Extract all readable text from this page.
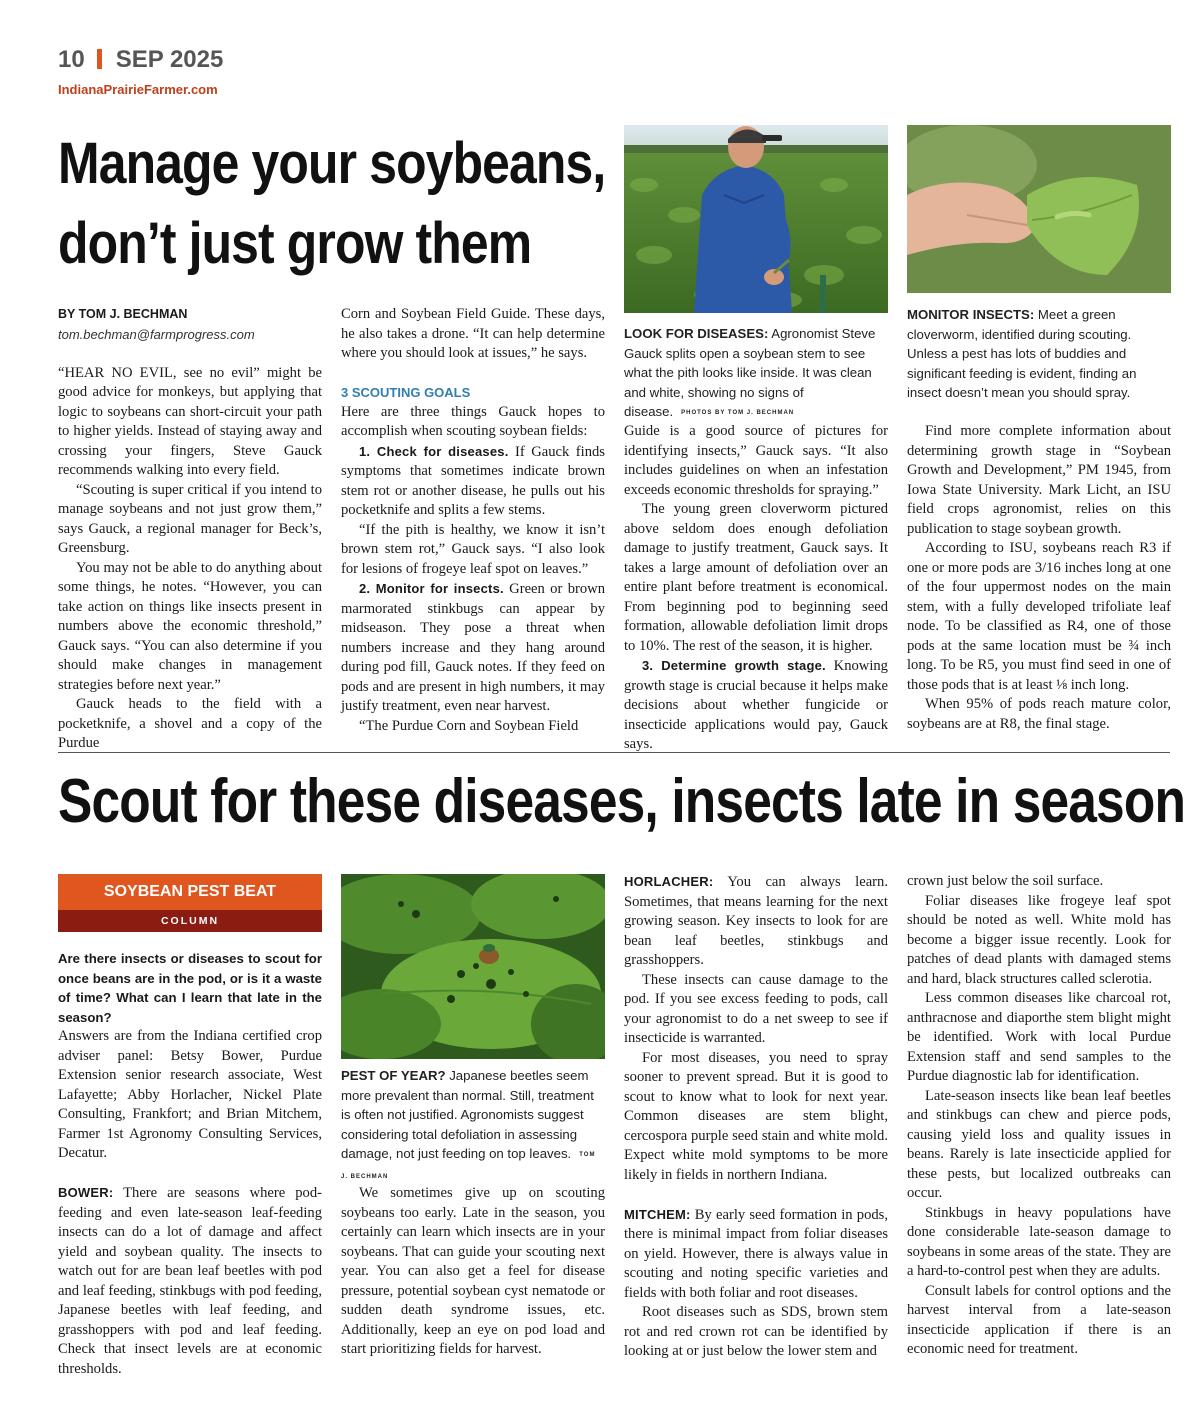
10 SEP 2025
IndianaPrairieFarmer.com
Manage your soybeans,
don’t just grow them
LOOK FOR DISEASES: Agronomist Steve Gauck splits open a soybean stem to see what the pith looks like inside. It was clean and white, showing no signs of disease. PHOTOS BY TOM J. BECHMAN
MONITOR INSECTS: Meet a green cloverworm, identified during scouting. Unless a pest has lots of buddies and significant feeding is evident, finding an insect doesn’t mean you should spray.

BY TOM J. BECHMAN

tom.bechman@farmprogress.com

“HEAR NO EVIL, see no evil” might be good advice for monkeys, but applying that logic to soybeans can short-circuit your path to higher yields. Instead of staying away and crossing your fingers, Steve Gauck recommends walking into every field.

“Scouting is super critical if you intend to manage soybeans and not just grow them,” says Gauck, a regional manager for Beck’s, Greensburg.

You may not be able to do anything about some things, he notes. “However, you can take action on things like insects present in numbers above the economic threshold,” Gauck says. “You can also determine if you should make changes in management strategies before next year.”

Gauck heads to the field with a pocketknife, a shovel and a copy of the Purdue

Corn and Soybean Field Guide. These days, he also takes a drone. “It can help determine where you should look at issues,” he says.

3 SCOUTING GOALS

Here are three things Gauck hopes to accomplish when scouting soybean fields:

1. Check for diseases. If Gauck finds symptoms that sometimes indicate brown stem rot or another disease, he pulls out his pocketknife and splits a few stems.

“If the pith is healthy, we know it isn’t brown stem rot,” Gauck says. “I also look for lesions of frogeye leaf spot on leaves.”

2. Monitor for insects. Green or brown marmorated stinkbugs can appear by midseason. They pose a threat when numbers increase and they hang around during pod fill, Gauck notes. If they feed on pods and are present in high numbers, it may justify treatment, even near harvest.

“The Purdue Corn and Soybean Field

Guide is a good source of pictures for identifying insects,” Gauck says. “It also includes guidelines on when an infestation exceeds economic thresholds for spraying.”

The young green cloverworm pictured above seldom does enough defoliation damage to justify treatment, Gauck says. It takes a large amount of defoliation over an entire plant before treatment is economical. From beginning pod to beginning seed formation, allowable defoliation limit drops to 10%. The rest of the season, it is higher.

3. Determine growth stage. Knowing growth stage is crucial because it helps make decisions about whether fungicide or insecticide applications would pay, Gauck says.

Find more complete information about determining growth stage in “Soybean Growth and Development,” PM 1945, from Iowa State University. Mark Licht, an ISU field crops agronomist, relies on this publication to stage soybean growth.

According to ISU, soybeans reach R3 if one or more pods are 3/16 inches long at one of the four uppermost nodes on the main stem, with a fully developed trifoliate leaf node. To be classified as R4, one of those pods at the same location must be ¾ inch long. To be R5, you must find seed in one of those pods that is at least ⅛ inch long.

When 95% of pods reach mature color, soybeans are at R8, the final stage.

Scout for these diseases, insects late in season
SOYBEAN PEST BEAT
COLUMN
Are there insects or diseases to scout for once beans are in the pod, or is it a waste of time? What can I learn that late in the season?

Answers are from the Indiana certified crop adviser panel: Betsy Bower, Purdue Extension senior research associate, West Lafayette; Abby Horlacher, Nickel Plate Consulting, Frankfort; and Brian Mitchem, Farmer 1st Agronomy Consulting Services, Decatur.

BOWER: There are seasons where pod-feeding and even late-season leaf-feeding insects can do a lot of damage and affect yield and soybean quality. The insects to watch out for are bean leaf beetles with pod and leaf feeding, stinkbugs with pod feeding, Japanese beetles with leaf feeding, and grasshoppers with pod and leaf feeding. Check that insect levels are at economic thresholds.

PEST OF YEAR? Japanese beetles seem more prevalent than normal. Still, treatment is often not justified. Agronomists suggest considering total defoliation in assessing damage, not just feeding on top leaves. TOM J. BECHMAN

We sometimes give up on scouting soybeans too early. Late in the season, you certainly can learn which insects are in your soybeans. That can guide your scouting next year. You can also get a feel for disease pressure, potential soybean cyst nematode or sudden death syndrome issues, etc. Additionally, keep an eye on pod load and start prioritizing fields for harvest.

HORLACHER: You can always learn. Sometimes, that means learning for the next growing season. Key insects to look for are bean leaf beetles, stinkbugs and grasshoppers.

These insects can cause damage to the pod. If you see excess feeding to pods, call your agronomist to do a net sweep to see if insecticide is warranted.

For most diseases, you need to spray sooner to prevent spread. But it is good to scout to know what to look for next year. Common diseases are stem blight, cercospora purple seed stain and white mold. Expect white mold symptoms to be more likely in fields in northern Indiana.

MITCHEM: By early seed formation in pods, there is minimal impact from foliar diseases on yield. However, there is always value in scouting and noting specific varieties and fields with both foliar and root diseases.

Root diseases such as SDS, brown stem rot and red crown rot can be identified by looking at or just below the lower stem and

crown just below the soil surface.

Foliar diseases like frogeye leaf spot should be noted as well. White mold has become a bigger issue recently. Look for patches of dead plants with damaged stems and hard, black structures called sclerotia.

Less common diseases like charcoal rot, anthracnose and diaporthe stem blight might be identified. Work with local Purdue Extension staff and send samples to the Purdue diagnostic lab for identification.

Late-season insects like bean leaf beetles and stinkbugs can chew and pierce pods, causing yield loss and quality issues in beans. Rarely is late insecticide applied for these pests, but localized outbreaks can occur.

Stinkbugs in heavy populations have done considerable late-season damage to soybeans in some areas of the state. They are a hard-to-control pest when they are adults.

Consult labels for control options and the harvest interval from a late-season insecticide application if there is an economic need for treatment.
